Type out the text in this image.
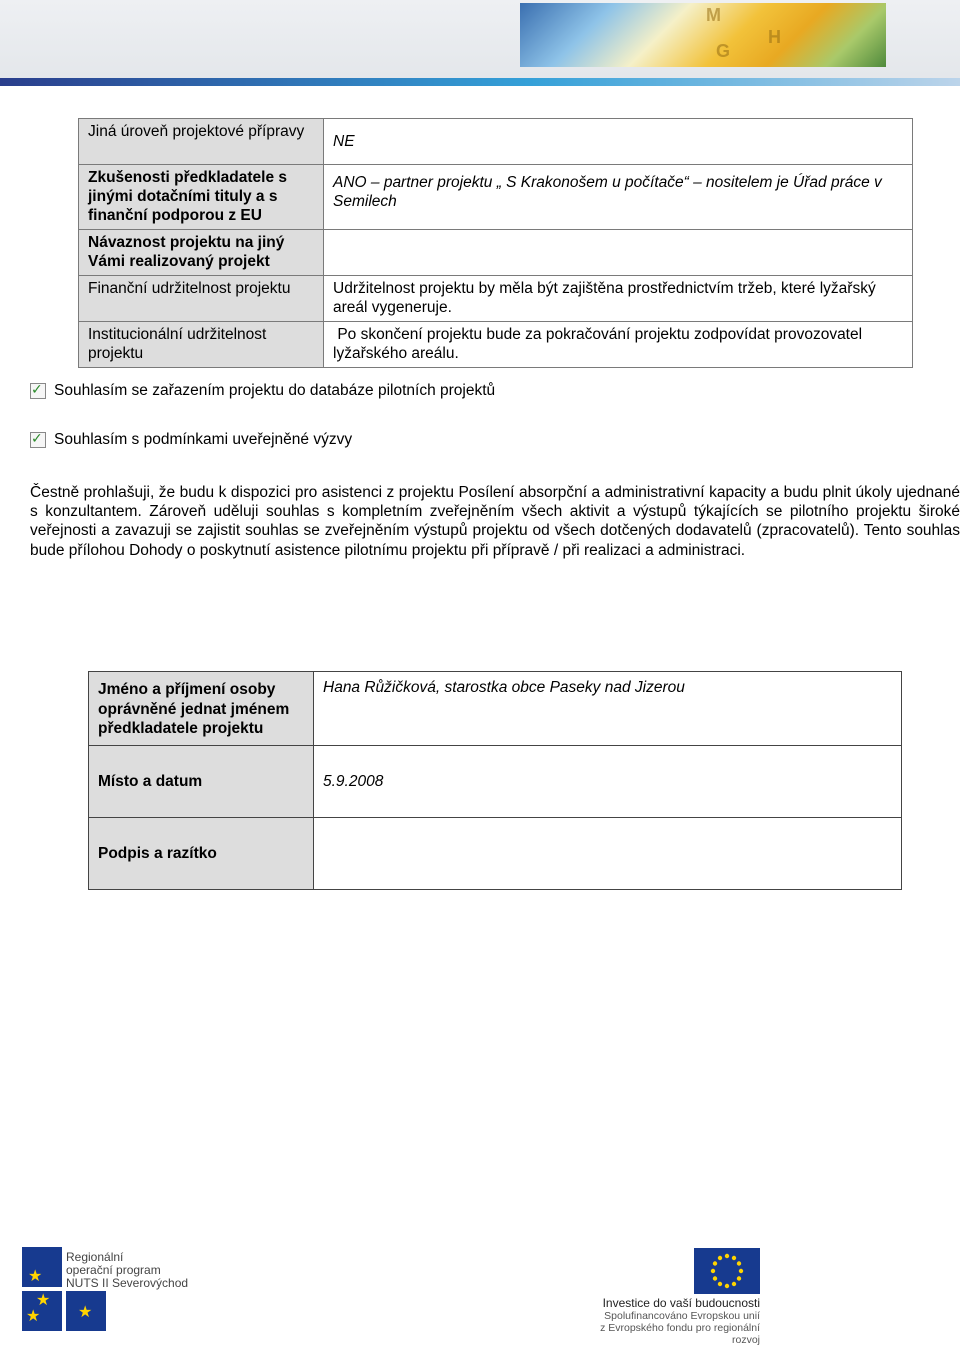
M
G
H
Jiná úroveň projektové přípravy	NE
Zkušenosti předkladatele s jinými dotačními tituly a s finanční podporou z EU	ANO – partner projektu „ S Krakonošem u počítače“ – nositelem je Úřad práce v Semilech
Návaznost projektu na jiný Vámi realizovaný projekt	
Finanční udržitelnost projektu	Udržitelnost projektu by měla být zajištěna prostřednictvím tržeb, které lyžařský areál vygeneruje.
Institucionální udržitelnost projektu	Po skončení projektu bude za pokračování projektu zodpovídat provozovatel lyžařského areálu.
✓
Souhlasím se zařazením projektu do databáze pilotních projektů
✓
Souhlasím s podmínkami uveřejněné výzvy
Čestně prohlašuji, že budu k dispozici pro asistenci z projektu Posílení absorpční a administrativní kapacity a budu plnit úkoly ujednané s konzultantem. Zároveň uděluji souhlas s kompletním zveřejněním všech aktivit a výstupů týkajících se pilotního projektu široké veřejnosti a zavazuji se zajistit souhlas se zveřejněním výstupů projektu od všech dotčených dodavatelů (zpracovatelů). Tento souhlas bude přílohou Dohody o poskytnutí asistence pilotnímu projektu při přípravě / při realizaci a administraci.
Jméno a příjmení osoby oprávněné jednat jménem předkladatele projektu	Hana Růžičková, starostka obce Paseky nad Jizerou
Místo a datum	5.9.2008
Podpis a razítko	
★
★
★ ★
Regionální
operační program
NUTS II Severovýchod
Investice do vaší budoucnosti
Spolufinancováno Evropskou unií
z Evropského fondu pro regionální rozvoj
